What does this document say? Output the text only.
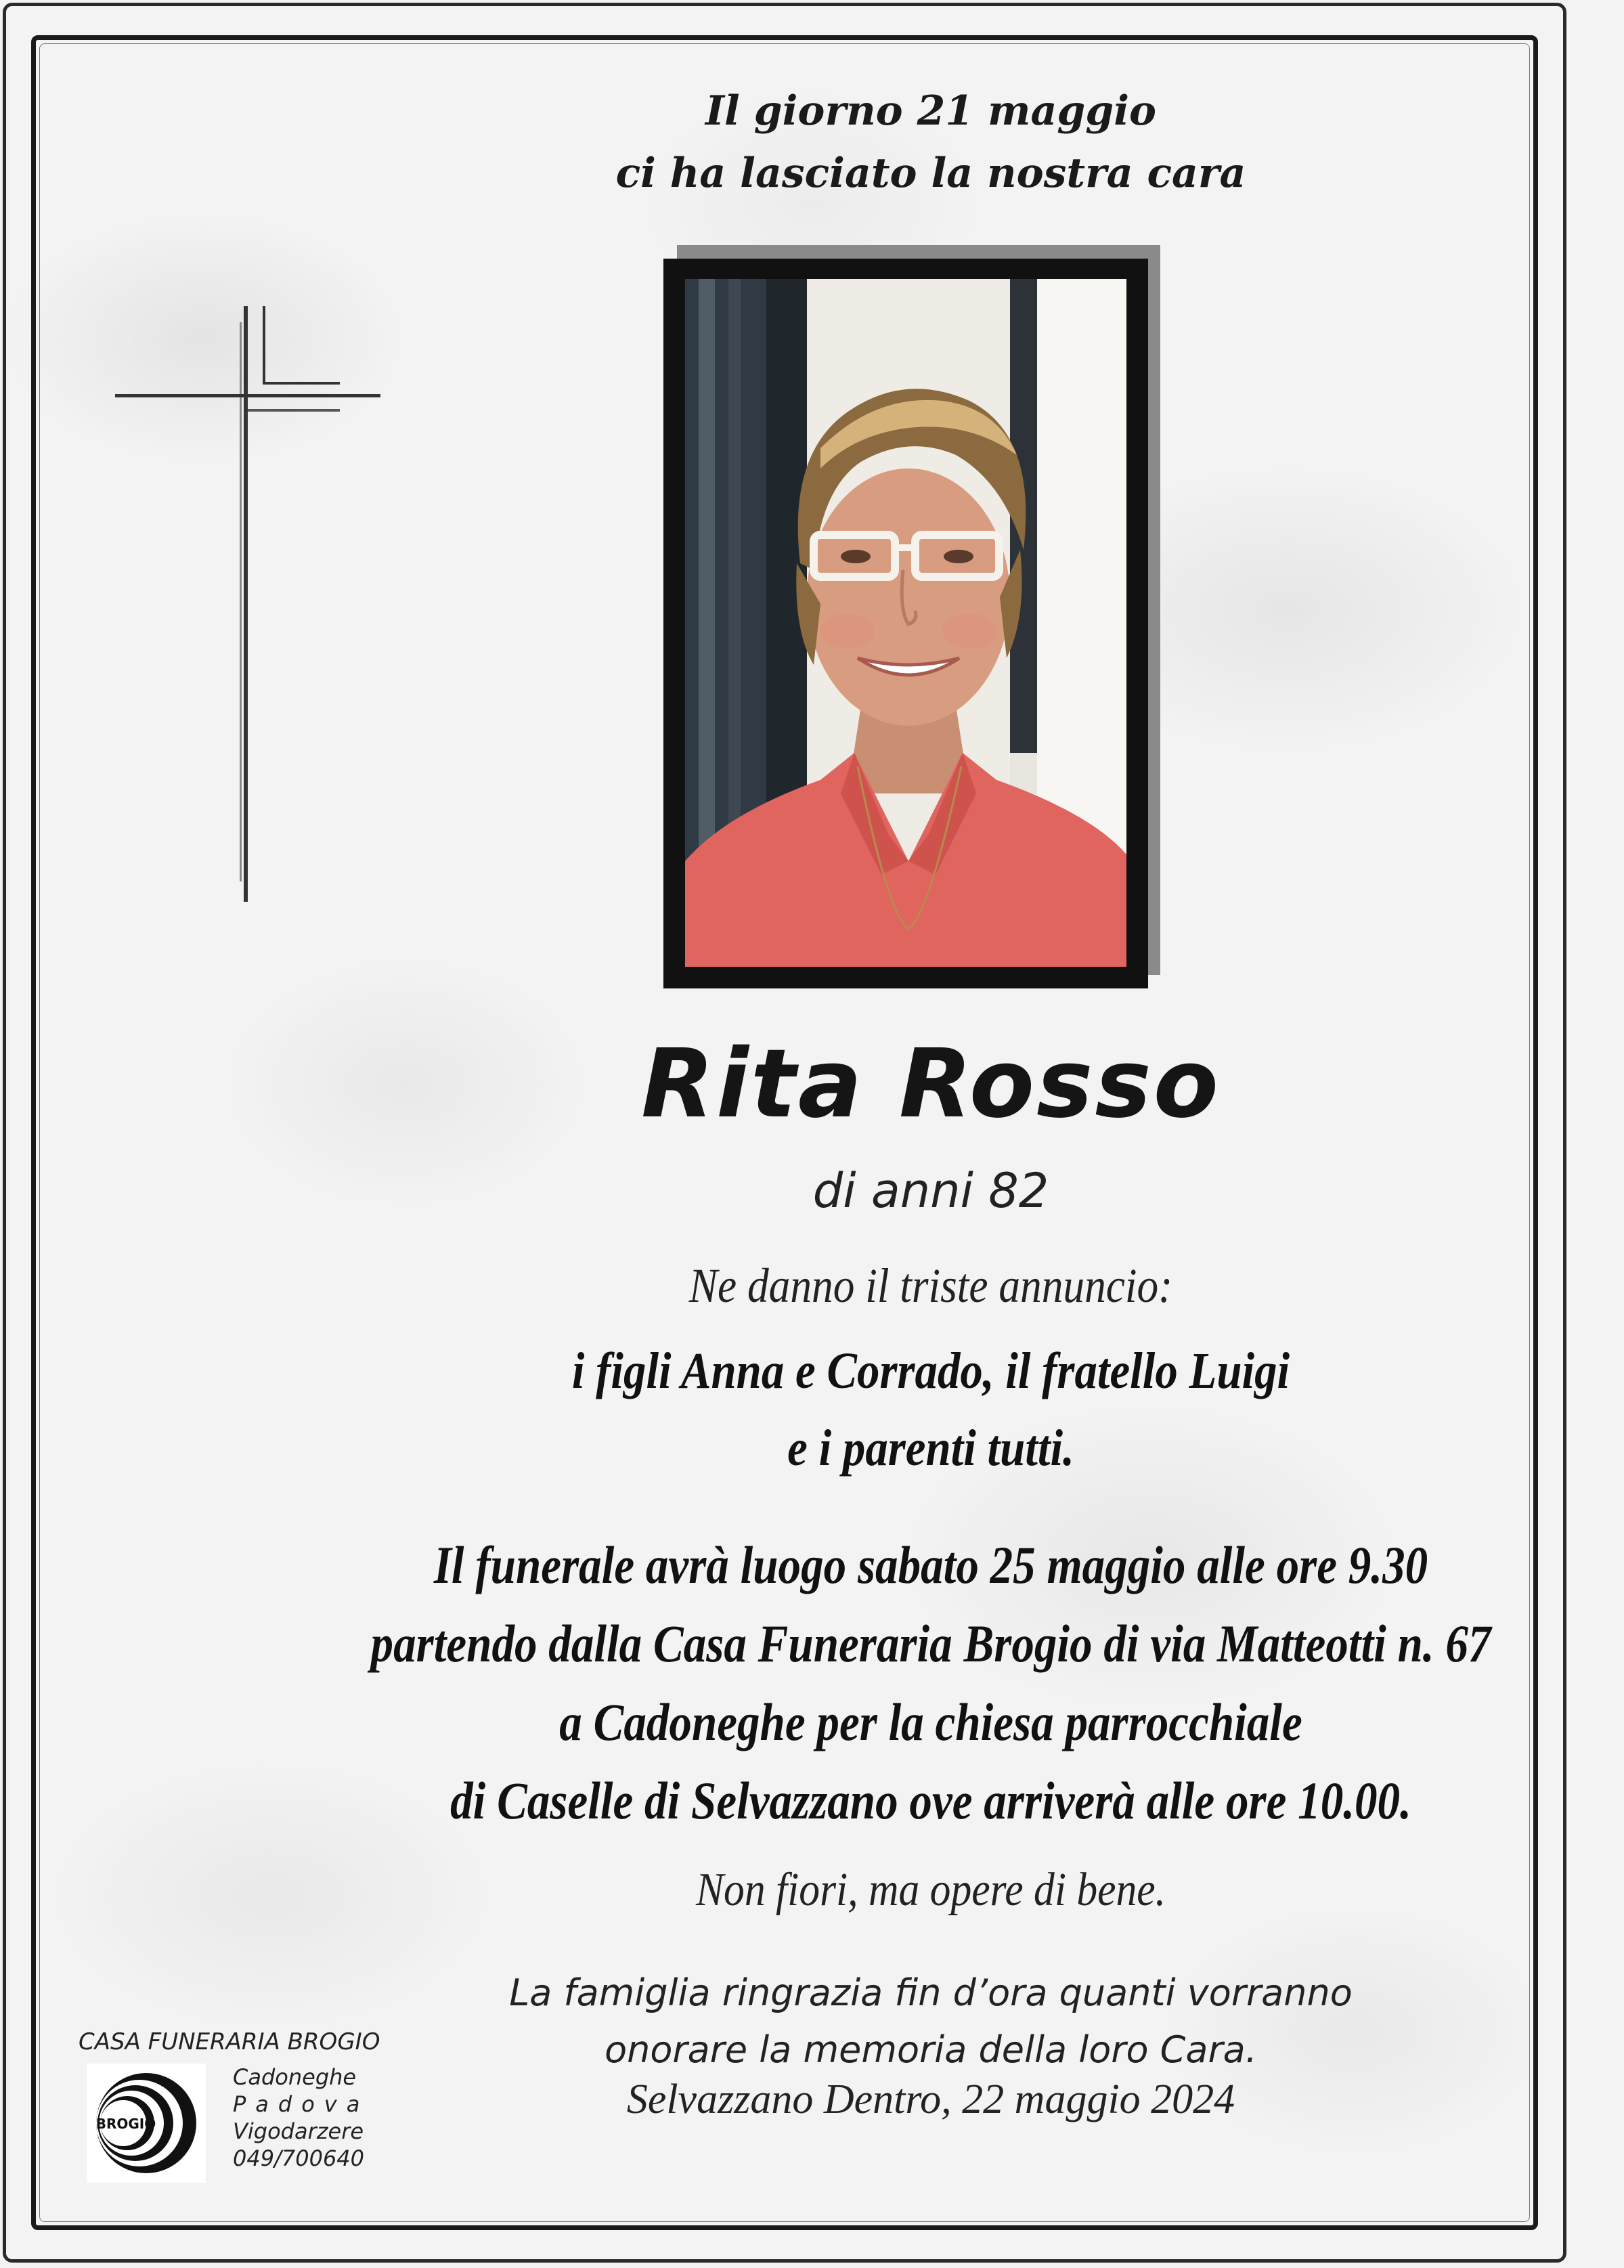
Il giorno 21 maggio
ci ha lasciato la nostra cara
Rita Rosso
di anni 82
Ne danno il triste annuncio:
i figli Anna e Corrado, il fratello Luigi
e i parenti tutti.
Il funerale avrà luogo sabato 25 maggio alle ore 9.30
partendo dalla Casa Funeraria Brogio di via Matteotti n. 67
a Cadoneghe per la chiesa parrocchiale
di Caselle di Selvazzano ove arriverà alle ore 10.00.
Non fiori, ma opere di bene.
La famiglia ringrazia fin d’ora quanti vorranno
onorare la memoria della loro Cara.
Selvazzano Dentro, 22 maggio 2024
CASA FUNERARIA BROGIO
BROGIO
Cadoneghe
Padova
Vigodarzere
049/700640
